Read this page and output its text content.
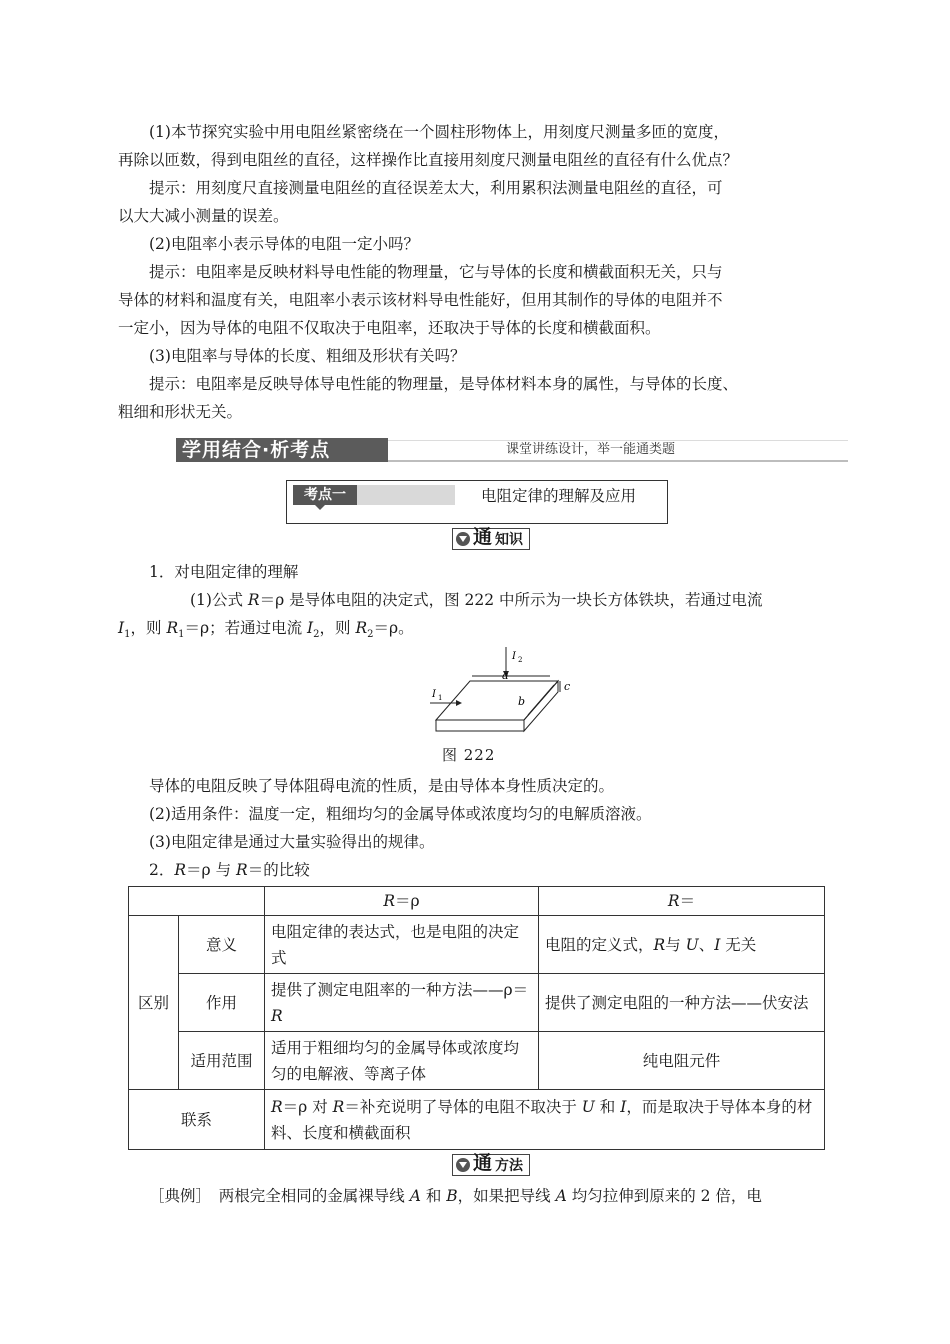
(1)本节探究实验中用电阻丝紧密绕在一个圆柱形物体上，用刻度尺测量多匝的宽度，

再除以匝数，得到电阻丝的直径，这样操作比直接用刻度尺测量电阻丝的直径有什么优点？

提示：用刻度尺直接测量电阻丝的直径误差太大，利用累积法测量电阻丝的直径，可

以大大减小测量的误差。

(2)电阻率小表示导体的电阻一定小吗？

提示：电阻率是反映材料导电性能的物理量，它与导体的长度和横截面积无关，只与

导体的材料和温度有关，电阻率小表示该材料导电性能好，但用其制作的导体的电阻并不

一定小，因为导体的电阻不仅取决于电阻率，还取决于导体的长度和横截面积。

(3)电阻率与导体的长度、粗细及形状有关吗？

提示：电阻率是反映导体导电性能的物理量，是导体材料本身的属性，与导体的长度、

粗细和形状无关。

学用结合·析考点	课堂讲练设计，举一能通类题
考点一	电阻定律的理解及应用
通 知识

1．对电阻定律的理解

(1)公式 R＝ρ 是导体电阻的决定式，图 222 中所示为一块长方体铁块，若通过电流

$I_1$，则 $R_1=\rho$；若通过电流 $I_2$，则 $R_2=\rho$。

I 2
I 1
a
b
c
图 222

导体的电阻反映了导体阻碍电流的性质，是由导体本身性质决定的。

(2)适用条件：温度一定，粗细均匀的金属导体或浓度均匀的电解质溶液。

(3)电阻定律是通过大量实验得出的规律。

2．R＝ρ 与 R＝的比较

		R＝ρ	R＝
区别	意义	电阻定律的表达式，也是电阻的决定式	电阻的定义式，R与 U、I 无关
	作用	提供了测定电阻率的一种方法——ρ＝R	提供了测定电阻的一种方法——伏安法
	适用范围	适用于粗细均匀的金属导体或浓度均匀的电解液、等离子体	纯电阻元件
联系		R＝ρ 对 R＝补充说明了导体的电阻不取决于 U 和 I，而是取决于导体本身的材料、长度和横截面积	
通 方法

［典例］　两根完全相同的金属裸导线 A 和 B，如果把导线 A 均匀拉伸到原来的 2 倍，电
